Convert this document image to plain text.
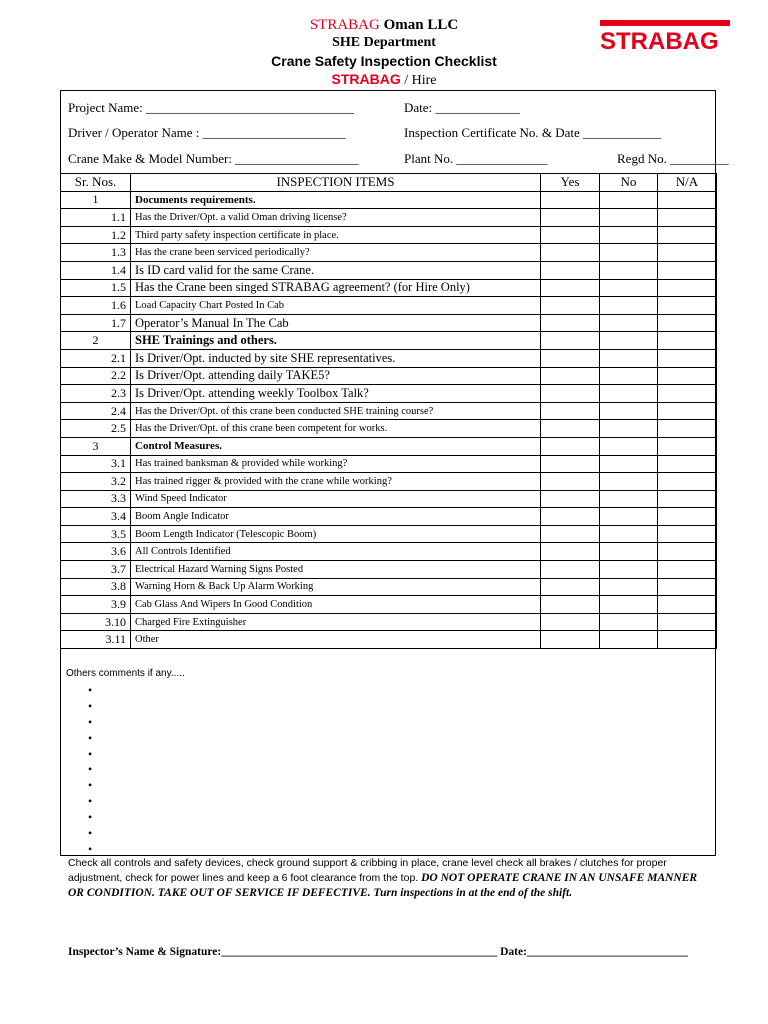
STRABAG Oman LLC
SHE Department
Crane Safety Inspection Checklist
STRABAG / Hire
STRABAG
Project Name: ________________________________	Date: _____________
Driver / Operator Name : ______________________	Inspection Certificate No. & Date ____________
Crane Make & Model Number: ___________________	Plant No. ______________	Regd No. _________
Sr. Nos.	INSPECTION ITEMS	Yes	No	N/A
1	Documents requirements.			
1.1	Has the Driver/Opt. a valid Oman driving license?			
1.2	Third party safety inspection certificate in place.			
1.3	Has the crane been serviced periodically?			
1.4	Is ID card valid for the same Crane.			
1.5	Has the Crane been singed STRABAG agreement? (for Hire Only)			
1.6	Load Capacity Chart Posted In Cab			
1.7	Operator’s Manual In The Cab			
2	SHE Trainings and others.			
2.1	Is Driver/Opt. inducted by site SHE representatives.			
2.2	Is Driver/Opt. attending daily TAKE5?			
2.3	Is Driver/Opt. attending weekly Toolbox Talk?			
2.4	Has the Driver/Opt. of this crane been conducted SHE training course?			
2.5	Has the Driver/Opt. of this crane been competent for works.			
3	Control Measures.			
3.1	Has trained banksman & provided while working?			
3.2	Has trained rigger & provided with the crane while working?			
3.3	Wind Speed Indicator			
3.4	Boom Angle Indicator			
3.5	Boom Length Indicator (Telescopic Boom)			
3.6	All Controls Identified			
3.7	Electrical Hazard Warning Signs Posted			
3.8	Warning Horn & Back Up Alarm Working			
3.9	Cab Glass And Wipers In Good Condition			
3.10	Charged Fire Extinguisher			
3.11	Other			
Others comments if any.....
•
•
•
•
•
•
•
•
•
•
•
Check all controls and safety devices, check ground support & cribbing in place, crane level check all brakes / clutches for proper adjustment, check for power lines and keep a 6 foot clearance from the top. DO NOT OPERATE CRANE IN AN UNSAFE MANNER OR CONDITION. TAKE OUT OF SERVICE IF DEFECTIVE. Turn inspections in at the end of the shift.
Inspector’s Name & Signature:________________________________________________ Date:____________________________
